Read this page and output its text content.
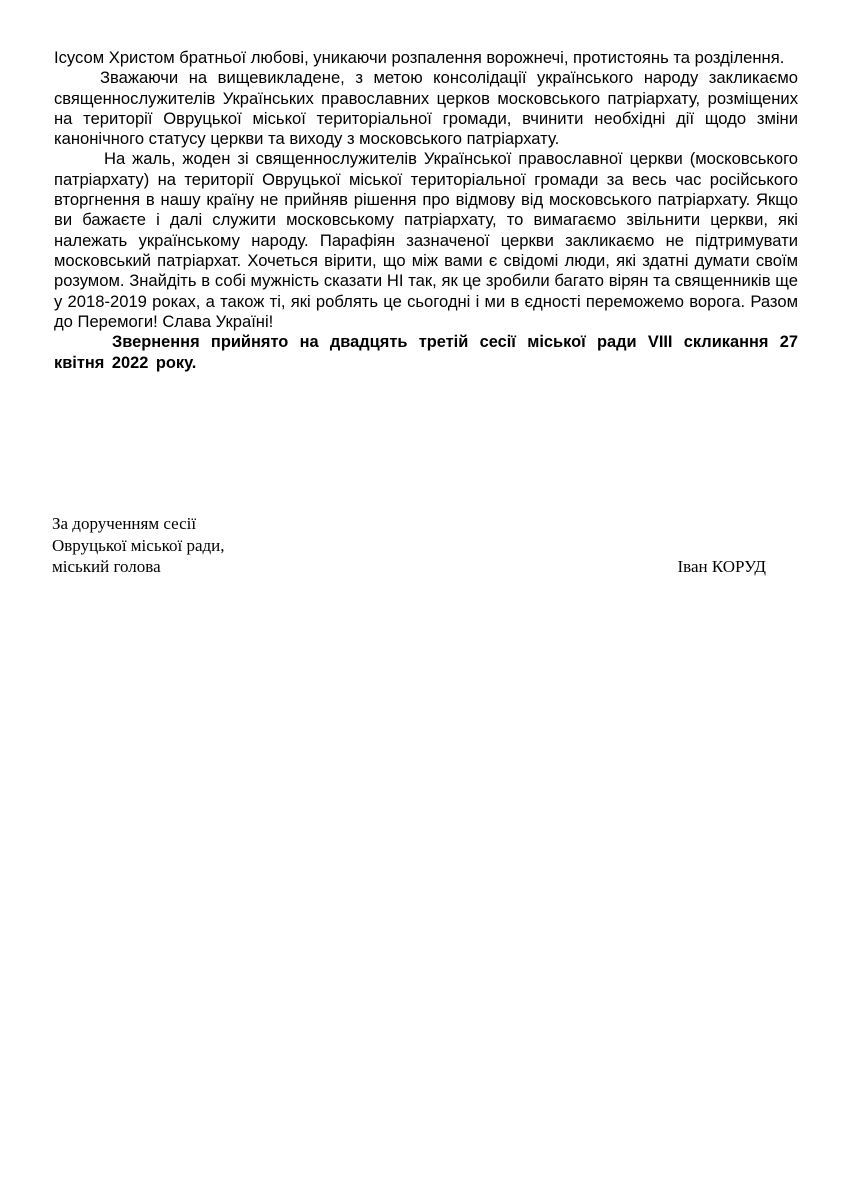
Ісусом Христом братньої любові, уникаючи розпалення ворожнечі, протистоянь та розділення.

Зважаючи на вищевикладене, з метою консолідації українського народу закликаємо священнослужителів Українських православних церков московського патріархату, розміщених на території Овруцької міської територіальної громади, вчинити необхідні дії щодо зміни канонічного статусу церкви та виходу з московського патріархату.

На жаль, жоден зі священнослужителів Української православної церкви (московського патріархату) на території Овруцької міської територіальної громади за весь час російського вторгнення в нашу країну не прийняв рішення про відмову від московського патріархату. Якщо ви бажаєте і далі служити московському патріархату, то вимагаємо звільнити церкви, які належать українському народу. Парафіян зазначеної церкви закликаємо не підтримувати московський патріархат. Хочеться вірити, що між вами є свідомі люди, які здатні думати своїм розумом. Знайдіть в собі мужність сказати НІ так, як це зробили багато вірян та священників ще у 2018-2019 роках, а також ті, які роблять це сьогодні і ми в єдності переможемо ворога. Разом до Перемоги! Слава Україні!

Звернення прийнято на двадцять третій сесії міської ради VIII скликання 27 квітня 2022 року.

За дорученням сесії
Овруцької міської ради,
міський голова	Іван КОРУД
